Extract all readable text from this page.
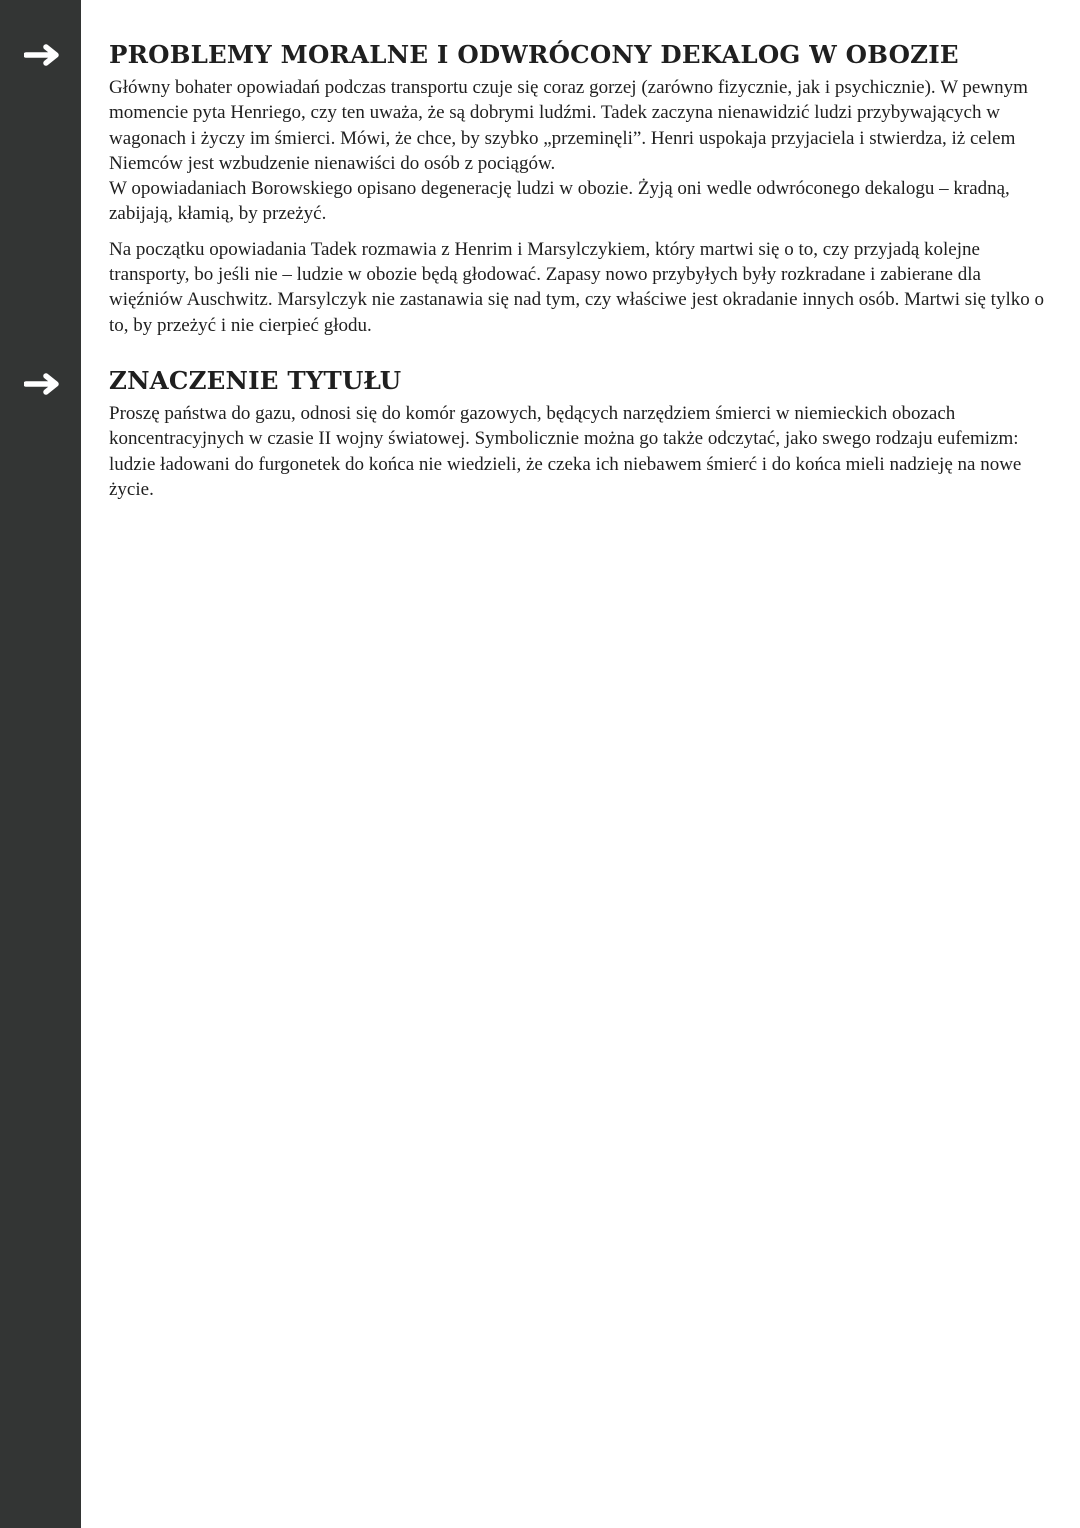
PROBLEMY MORALNE I ODWRÓCONY DEKALOG W OBOZIE

Główny bohater opowiadań podczas transportu czuje się coraz gorzej (zarówno fizycznie, jak i psychicznie). W pewnym momencie pyta Henriego, czy ten uważa, że są dobrymi ludźmi. Tadek zaczyna nienawidzić ludzi przybywających w wagonach i życzy im śmierci. Mówi, że chce, by szybko „przeminęli”. Henri uspokaja przyjaciela i stwierdza, iż celem Niemców jest wzbudzenie nienawiści do osób z pociągów.

W opowiadaniach Borowskiego opisano degenerację ludzi w obozie. Żyją oni wedle odwróconego dekalogu – kradną, zabijają, kłamią, by przeżyć.

Na początku opowiadania Tadek rozmawia z Henrim i Marsylczykiem, który martwi się o to, czy przyjadą kolejne transporty, bo jeśli nie – ludzie w obozie będą głodować. Zapasy nowo przybyłych były rozkradane i zabierane dla więźniów Auschwitz. Marsylczyk nie zastanawia się nad tym, czy właściwe jest okradanie innych osób. Martwi się tylko o to, by przeżyć i nie cierpieć głodu.

ZNACZENIE TYTUŁU

Proszę państwa do gazu, odnosi się do komór gazowych, będących narzędziem śmierci w niemieckich obozach koncentracyjnych w czasie II wojny światowej. Symbolicznie można go także odczytać, jako swego rodzaju eufemizm: ludzie ładowani do furgonetek do końca nie wiedzieli, że czeka ich niebawem śmierć i do końca mieli nadzieję na nowe życie.
